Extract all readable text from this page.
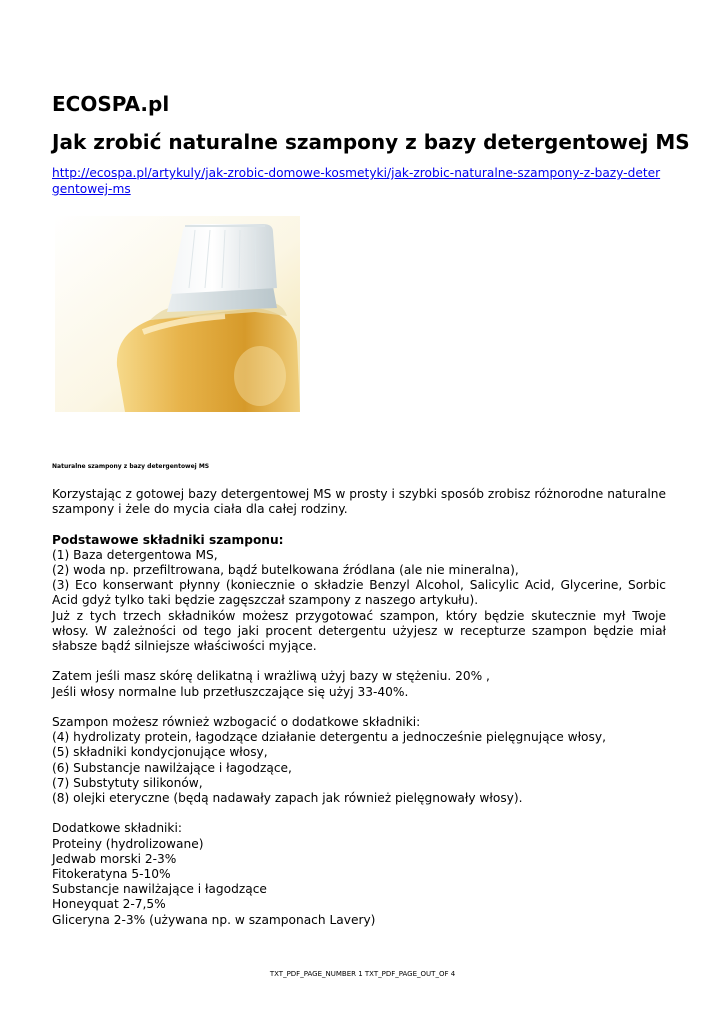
ECOSPA.pl
Jak zrobić naturalne szampony z bazy detergentowej MS
http://ecospa.pl/artykuly/jak-zrobic-domowe-kosmetyki/jak-zrobic-naturalne-szampony-z-bazy-detergentowej-ms
Naturalne szampony z bazy detergentowej MS

Korzystając z gotowej bazy detergentowej MS w prosty i szybki sposób zrobisz różnorodne naturalne szampony i żele do mycia ciała dla całej rodziny.

Podstawowe składniki szamponu:

(1) Baza detergentowa MS,

(2) woda np. przefiltrowana, bądź butelkowana źródlana (ale nie mineralna),

(3) Eco konserwant płynny (koniecznie o składzie Benzyl Alcohol, Salicylic Acid, Glycerine, Sorbic Acid gdyż tylko taki będzie zagęszczał szampony z naszego artykułu).

Już z tych trzech składników możesz przygotować szampon, który będzie skutecznie mył Twoje włosy. W zależności od tego jaki procent detergentu użyjesz w recepturze szampon będzie miał słabsze bądź silniejsze właściwości myjące.

Zatem jeśli masz skórę delikatną i wrażliwą użyj bazy w stężeniu. 20% ,

Jeśli włosy normalne lub przetłuszczające się użyj 33-40%.

Szampon możesz również wzbogacić o dodatkowe składniki:

(4) hydrolizaty protein, łagodzące działanie detergentu a jednocześnie pielęgnujące włosy,

(5) składniki kondycjonujące włosy,

(6) Substancje nawilżające i łagodzące,

(7) Substytuty silikonów,

(8) olejki eteryczne (będą nadawały zapach jak również pielęgnowały włosy).

Dodatkowe składniki:

Proteiny (hydrolizowane)

Jedwab morski 2-3%

Fitokeratyna 5-10%

Substancje nawilżające i łagodzące

Honeyquat 2-7,5%

Gliceryna 2-3% (używana np. w szamponach Lavery)

TXT_PDF_PAGE_NUMBER 1 TXT_PDF_PAGE_OUT_OF 4
